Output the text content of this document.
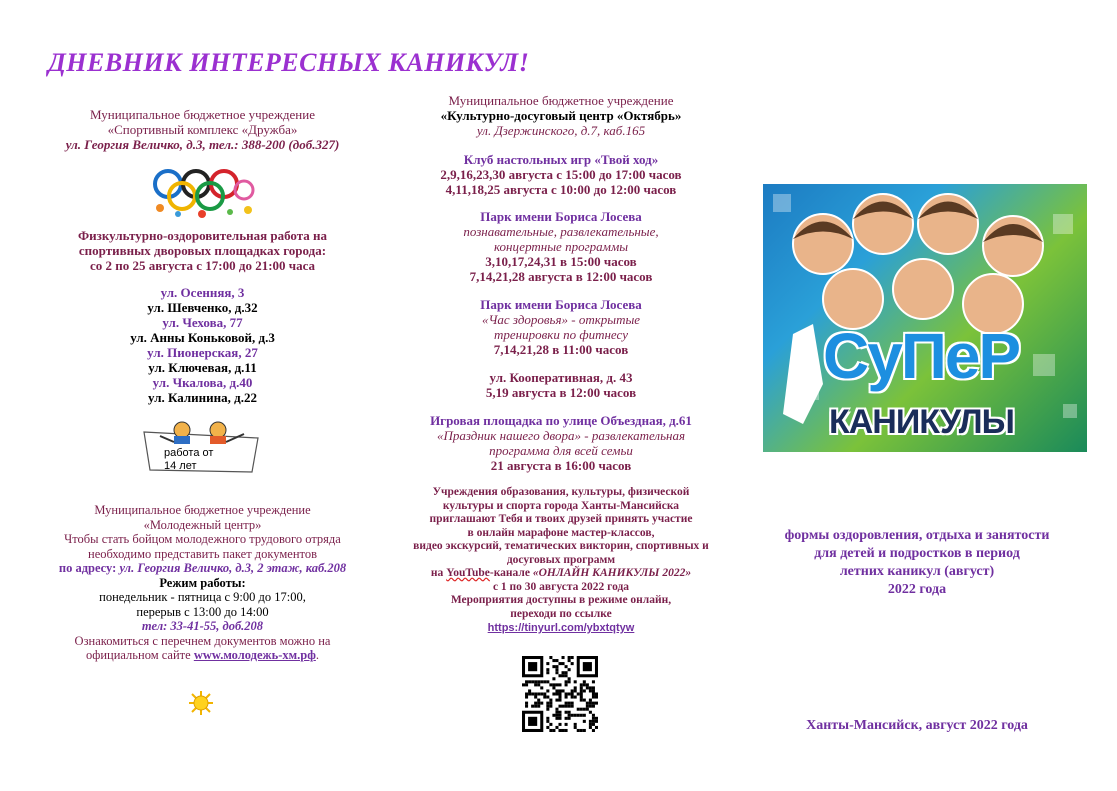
ДНЕВНИК ИНТЕРЕСНЫХ КАНИКУЛ!
Муниципальное бюджетное учреждение
«Спортивный комплекс «Дружба»
ул. Георгия Величко, д.3, тел.: 388-200 (доб.327)
Физкультурно-оздоровительная работа на
спортивных дворовых площадках города:
со 2 по 25 августа с 17:00 до 21:00 часа
ул. Осенняя, 3
ул. Шевченко, д.32
ул. Чехова, 77
ул. Анны Коньковой, д.3
ул. Пионерская, 27
ул. Ключевая, д.11
ул. Чкалова, д.40
ул. Калинина, д.22
работа от
14 лет
Муниципальное бюджетное учреждение
«Молодежный центр»
Чтобы стать бойцом молодежного трудового отряда
необходимо представить пакет документов
по адресу: ул. Георгия Величко, д.3, 2 этаж, каб.208
Режим работы:
понедельник - пятница с 9:00 до 17:00,
перерыв с 13:00 до 14:00
тел: 33-41-55, доб.208
Ознакомиться с перечнем документов можно на
официальном сайте www.молодежь-хм.рф.
Муниципальное бюджетное учреждение
«Культурно-досуговый центр «Октябрь»
ул. Дзержинского, д.7, каб.165
Клуб настольных игр «Твой ход»
2,9,16,23,30 августа с 15:00 до 17:00 часов
4,11,18,25 августа с 10:00 до 12:00 часов
Парк имени Бориса Лосева
познавательные, развлекательные,
концертные программы
3,10,17,24,31 в 15:00 часов
7,14,21,28 августа в 12:00 часов
Парк имени Бориса Лосева
«Час здоровья» - открытые
тренировки по фитнесу
7,14,21,28 в 11:00 часов
ул. Кооперативная, д. 43
5,19 августа в 12:00 часов
Игровая площадка по улице Объездная, д.61
«Праздник нашего двора» - развлекательная
программа для всей семьи
21 августа в 16:00 часов
Учреждения образования, культуры, физической
культуры и спорта города Ханты-Мансийска
приглашают Тебя и твоих друзей принять участие
в онлайн марафоне мастер-классов,
видео экскурсий, тематических викторин, спортивных и
досуговых программ
на YouTube-канале «ОНЛАЙН КАНИКУЛЫ 2022»
с 1 по 30 августа 2022 года
Мероприятия доступны в режиме онлайн,
переходи по ссылке
https://tinyurl.com/ybxtqtyw
СуПеР
КАНИКУЛЫ
формы оздоровления, отдыха и занятости
для детей и подростков в период
летних каникул (август)
2022 года
Ханты-Мансийск, август 2022 года
